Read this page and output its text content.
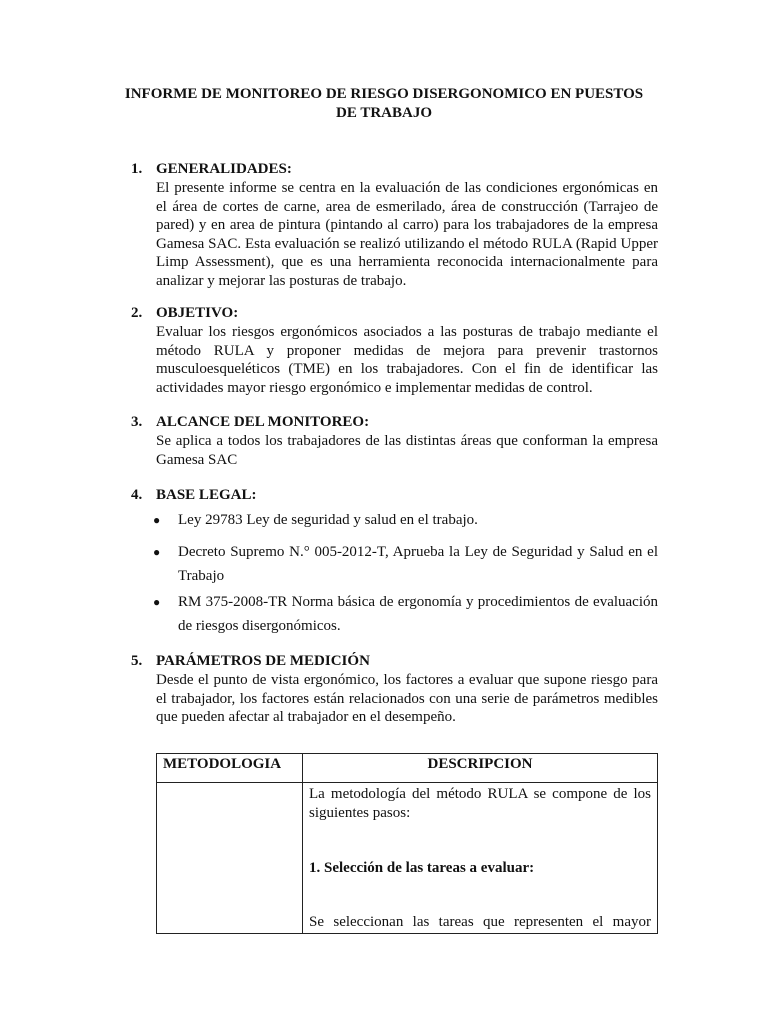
INFORME DE MONITOREO DE RIESGO DISERGONOMICO EN PUESTOS
DE TRABAJO
1. GENERALIDADES:
El presente informe se centra en la evaluación de las condiciones ergonómicas en el área de cortes de carne, area de esmerilado, área de construcción (Tarrajeo de pared) y en area de pintura (pintando al carro) para los trabajadores de la empresa Gamesa SAC. Esta evaluación se realizó utilizando el método RULA (Rapid Upper Limp Assessment), que es una herramienta reconocida internacionalmente para analizar y mejorar las posturas de trabajo.
2. OBJETIVO:
Evaluar los riesgos ergonómicos asociados a las posturas de trabajo mediante el método RULA y proponer medidas de mejora para prevenir trastornos musculoesqueléticos (TME) en los trabajadores. Con el fin de identificar las actividades mayor riesgo ergonómico e implementar medidas de control.
3. ALCANCE DEL MONITOREO:
Se aplica a todos los trabajadores de las distintas áreas que conforman la empresa Gamesa SAC
4. BASE LEGAL:
● Ley 29783 Ley de seguridad y salud en el trabajo.
● Decreto Supremo N.° 005-2012-T, Aprueba la Ley de Seguridad y Salud en el Trabajo
● RM 375-2008-TR Norma básica de ergonomía y procedimientos de evaluación de riesgos disergonómicos.
5. PARÁMETROS DE MEDICIÓN
Desde el punto de vista ergonómico, los factores a evaluar que supone riesgo para el trabajador, los factores están relacionados con una serie de parámetros medibles que pueden afectar al trabajador en el desempeño.
METODOLOGIA	DESCRIPCION

	La metodología del método RULA se compone de los siguientes pasos:
1. Selección de las tareas a evaluar:
Se seleccionan las tareas que representen el mayor
